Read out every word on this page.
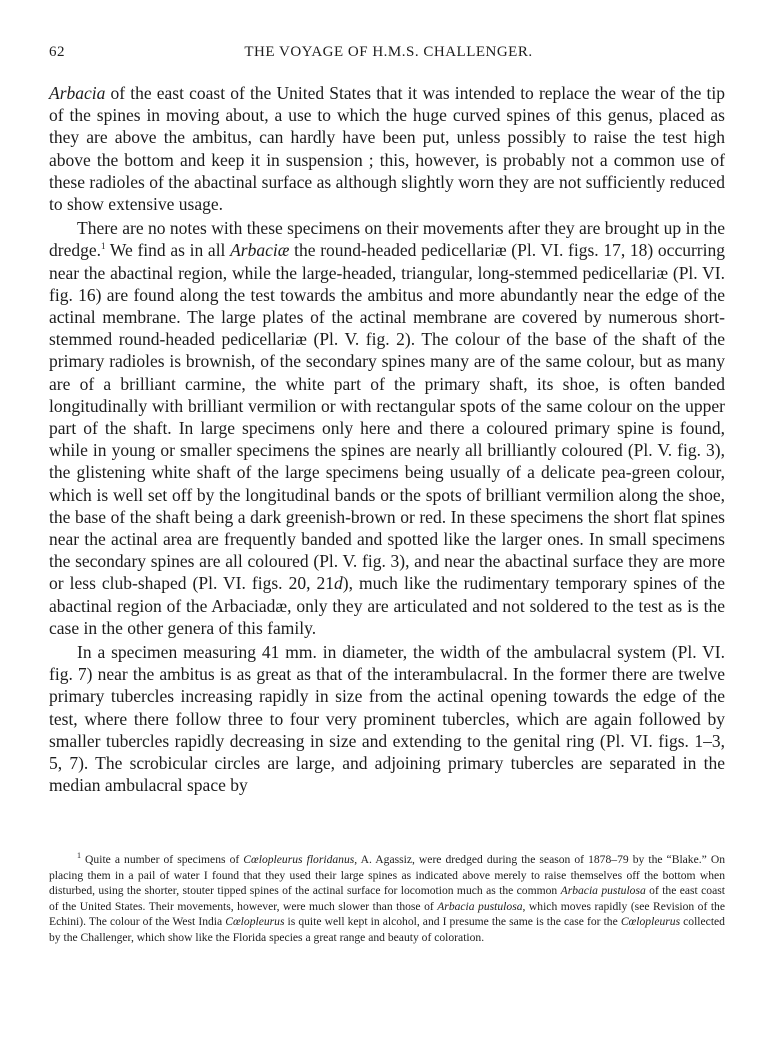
62	THE VOYAGE OF H.M.S. CHALLENGER.

Arbacia of the east coast of the United States that it was intended to replace the wear of the tip of the spines in moving about, a use to which the huge curved spines of this genus, placed as they are above the ambitus, can hardly have been put, unless possibly to raise the test high above the bottom and keep it in suspension ; this, however, is probably not a common use of these radioles of the abactinal surface as although slightly worn they are not sufficiently reduced to show extensive usage.

There are no notes with these specimens on their movements after they are brought up in the dredge.$^1$ We find as in all Arbaciæ the round-headed pedicellariæ (Pl. VI. figs. 17, 18) occurring near the abactinal region, while the large-headed, triangular, long-stemmed pedicellariæ (Pl. VI. fig. 16) are found along the test towards the ambitus and more abundantly near the edge of the actinal membrane. The large plates of the actinal membrane are covered by numerous short-stemmed round-headed pedicellariæ (Pl. V. fig. 2). The colour of the base of the shaft of the primary radioles is brownish, of the secondary spines many are of the same colour, but as many are of a brilliant carmine, the white part of the primary shaft, its shoe, is often banded longitudinally with brilliant vermilion or with rectangular spots of the same colour on the upper part of the shaft. In large specimens only here and there a coloured primary spine is found, while in young or smaller specimens the spines are nearly all brilliantly coloured (Pl. V. fig. 3), the glistening white shaft of the large specimens being usually of a delicate pea-green colour, which is well set off by the longitudinal bands or the spots of brilliant vermilion along the shoe, the base of the shaft being a dark greenish-brown or red. In these specimens the short flat spines near the actinal area are frequently banded and spotted like the larger ones. In small specimens the secondary spines are all coloured (Pl. V. fig. 3), and near the abactinal surface they are more or less club-shaped (Pl. VI. figs. 20, 21d), much like the rudimentary temporary spines of the abactinal region of the Arbaciadæ, only they are articulated and not soldered to the test as is the case in the other genera of this family.

In a specimen measuring 41 mm. in diameter, the width of the ambulacral system (Pl. VI. fig. 7) near the ambitus is as great as that of the interambulacral. In the former there are twelve primary tubercles increasing rapidly in size from the actinal opening towards the edge of the test, where there follow three to four very prominent tubercles, which are again followed by smaller tubercles rapidly decreasing in size and extending to the genital ring (Pl. VI. figs. 1–3, 5, 7). The scrobicular circles are large, and adjoining primary tubercles are separated in the median ambulacral space by

$^1$ Quite a number of specimens of Cœlopleurus floridanus, A. Agassiz, were dredged during the season of 1878–79 by the “Blake.” On placing them in a pail of water I found that they used their large spines as indicated above merely to raise themselves off the bottom when disturbed, using the shorter, stouter tipped spines of the actinal surface for locomotion much as the common Arbacia pustulosa of the east coast of the United States. Their movements, however, were much slower than those of Arbacia pustulosa, which moves rapidly (see Revision of the Echini). The colour of the West India Cœlopleurus is quite well kept in alcohol, and I presume the same is the case for the Cœlopleurus collected by the Challenger, which show like the Florida species a great range and beauty of coloration.
